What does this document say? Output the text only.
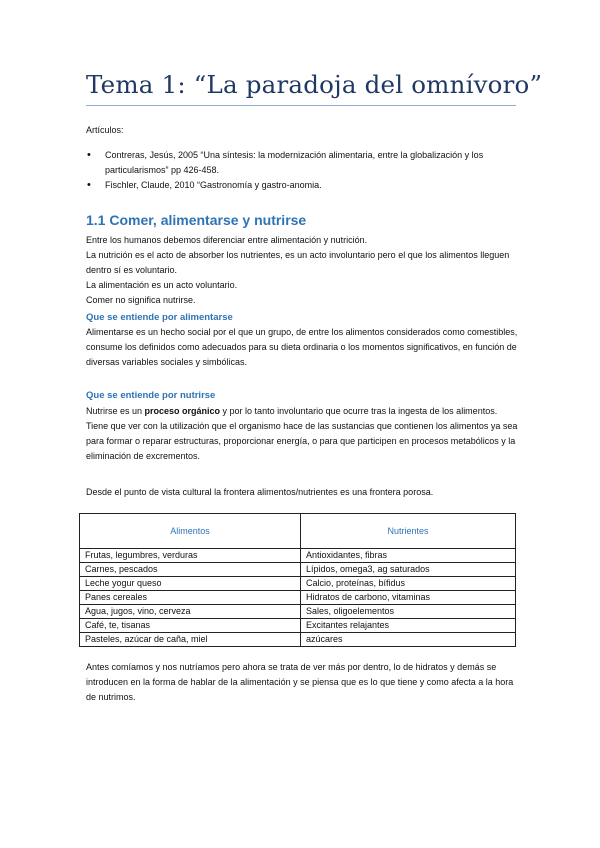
Tema 1: “La paradoja del omnívoro”
Artículos:
• Contreras, Jesús, 2005 “Una síntesis: la modernización alimentaria, entre la globalización y los particularismos” pp 426-458.
• Fischler, Claude, 2010 “Gastronomía y gastro-anomia.
1.1 Comer, alimentarse y nutrirse

Entre los humanos debemos diferenciar entre alimentación y nutrición.

La nutrición es el acto de absorber los nutrientes, es un acto involuntario pero el que los alimentos lleguen dentro sí es voluntario.

La alimentación es un acto voluntario.

Comer no significa nutrirse.

Que se entiende por alimentarse

Alimentarse es un hecho social por el que un grupo, de entre los alimentos considerados como comestibles, consume los definidos como adecuados para su dieta ordinaria o los momentos significativos, en función de diversas variables sociales y simbólicas.

Que se entiende por nutrirse

Nutrirse es un proceso orgánico y por lo tanto involuntario que ocurre tras la ingesta de los alimentos.

Tiene que ver con la utilización que el organismo hace de las sustancias que contienen los alimentos ya sea para formar o reparar estructuras, proporcionar energía, o para que participen en procesos metabólicos y la eliminación de excrementos.

Desde el punto de vista cultural la frontera alimentos/nutrientes es una frontera porosa.

Alimentos	Nutrientes
Frutas, legumbres, verduras	Antioxidantes, fibras
Carnes, pescados	Lípidos, omega3, ag saturados
Leche yogur queso	Calcio, proteínas, bífidus
Panes cereales	Hidratos de carbono, vitaminas
Agua, jugos, vino, cerveza	Sales, oligoelementos
Café, te, tisanas	Excitantes relajantes
Pasteles, azúcar de caña, miel	azúcares

Antes comíamos y nos nutríamos pero ahora se trata de ver más por dentro, lo de hidratos y demás se introducen en la forma de hablar de la alimentación y se piensa que es lo que tiene y como afecta a la hora de nutrimos.
